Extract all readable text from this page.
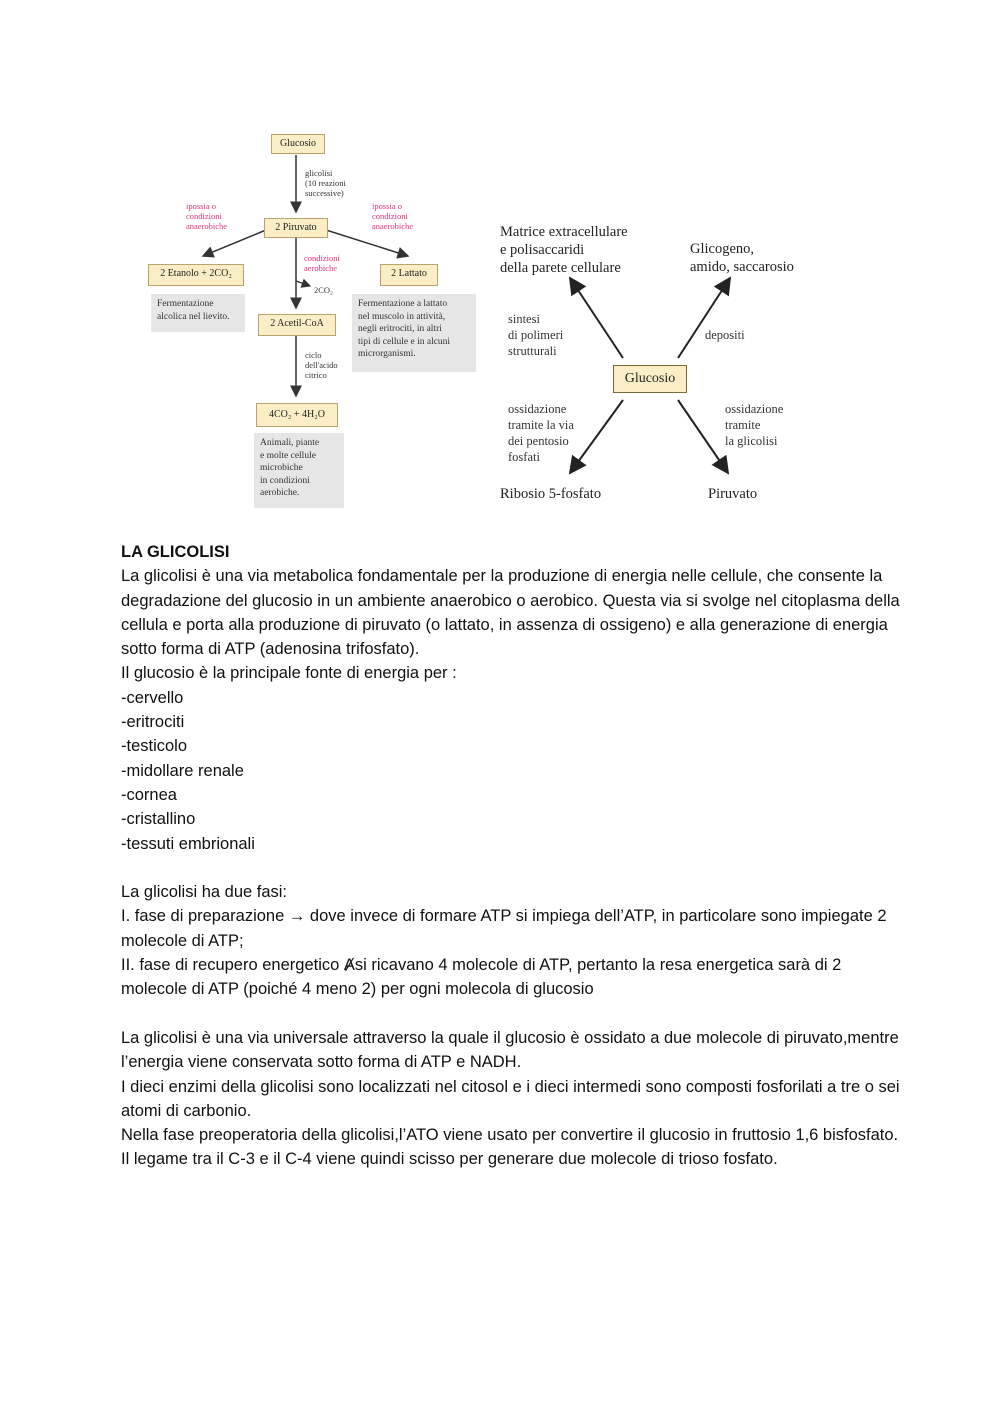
Glucosio
glicolisi
(10 reazioni
successive)
ipossia o
condizioni
anaerobiche
ipossia o
condizioni
anaerobiche
2 Piruvato
2 Etanolo + 2CO₂	2 Lattato
condizioni
aerobiche
2CO₂
Fermentazione
alcolica nel lievito.
Fermentazione a lattato
nel muscolo in attività,
negli eritrociti, in altri
tipi di cellule e in alcuni
microrganismi.
2 Acetil-CoA
ciclo
dell'acido
citrico
4CO₂ + 4H₂O
Animali, piante
e molte cellule
microbiche
in condizioni
aerobiche.
Matrice extracellulare
e polisaccaridi
della parete cellulare
Glicogeno,
amido, saccarosio
sintesi
di polimeri
strutturali
depositi
Glucosio
ossidazione
tramite la via
dei pentosio
fosfati
ossidazione
tramite
la glicolisi
Ribosio 5-fosfato	Piruvato

LA GLICOLISI

La glicolisi è una via metabolica fondamentale per la produzione di energia nelle cellule, che consente la degradazione del glucosio in un ambiente anaerobico o aerobico. Questa via si svolge nel citoplasma della cellula e porta alla produzione di piruvato (o lattato, in assenza di ossigeno) e alla generazione di energia sotto forma di ATP (adenosina trifosfato).

Il glucosio è la principale fonte di energia per :

-cervello

-eritrociti

-testicolo

-midollare renale

-cornea

-cristallino

-tessuti embrionali

La glicolisi ha due fasi:

I. fase di preparazione → dove invece di formare ATP si impiega dell’ATP, in particolare sono impiegate 2 molecole di ATP;

II. fase di recupero energetico Ⱥsi ricavano 4 molecole di ATP, pertanto la resa energetica sarà di 2 molecole di ATP (poiché 4 meno 2) per ogni molecola di glucosio

La glicolisi è una via universale attraverso la quale il glucosio è ossidato a due molecole di piruvato,mentre l’energia viene conservata sotto forma di ATP e NADH.

I dieci enzimi della glicolisi sono localizzati nel citosol e i dieci intermedi sono composti fosforilati a tre o sei atomi di carbonio.

Nella fase preoperatoria della glicolisi,l’ATO viene usato per convertire il glucosio in fruttosio 1,6 bisfosfato. Il legame tra il C-3 e il C-4 viene quindi scisso per generare due molecole di trioso fosfato.
